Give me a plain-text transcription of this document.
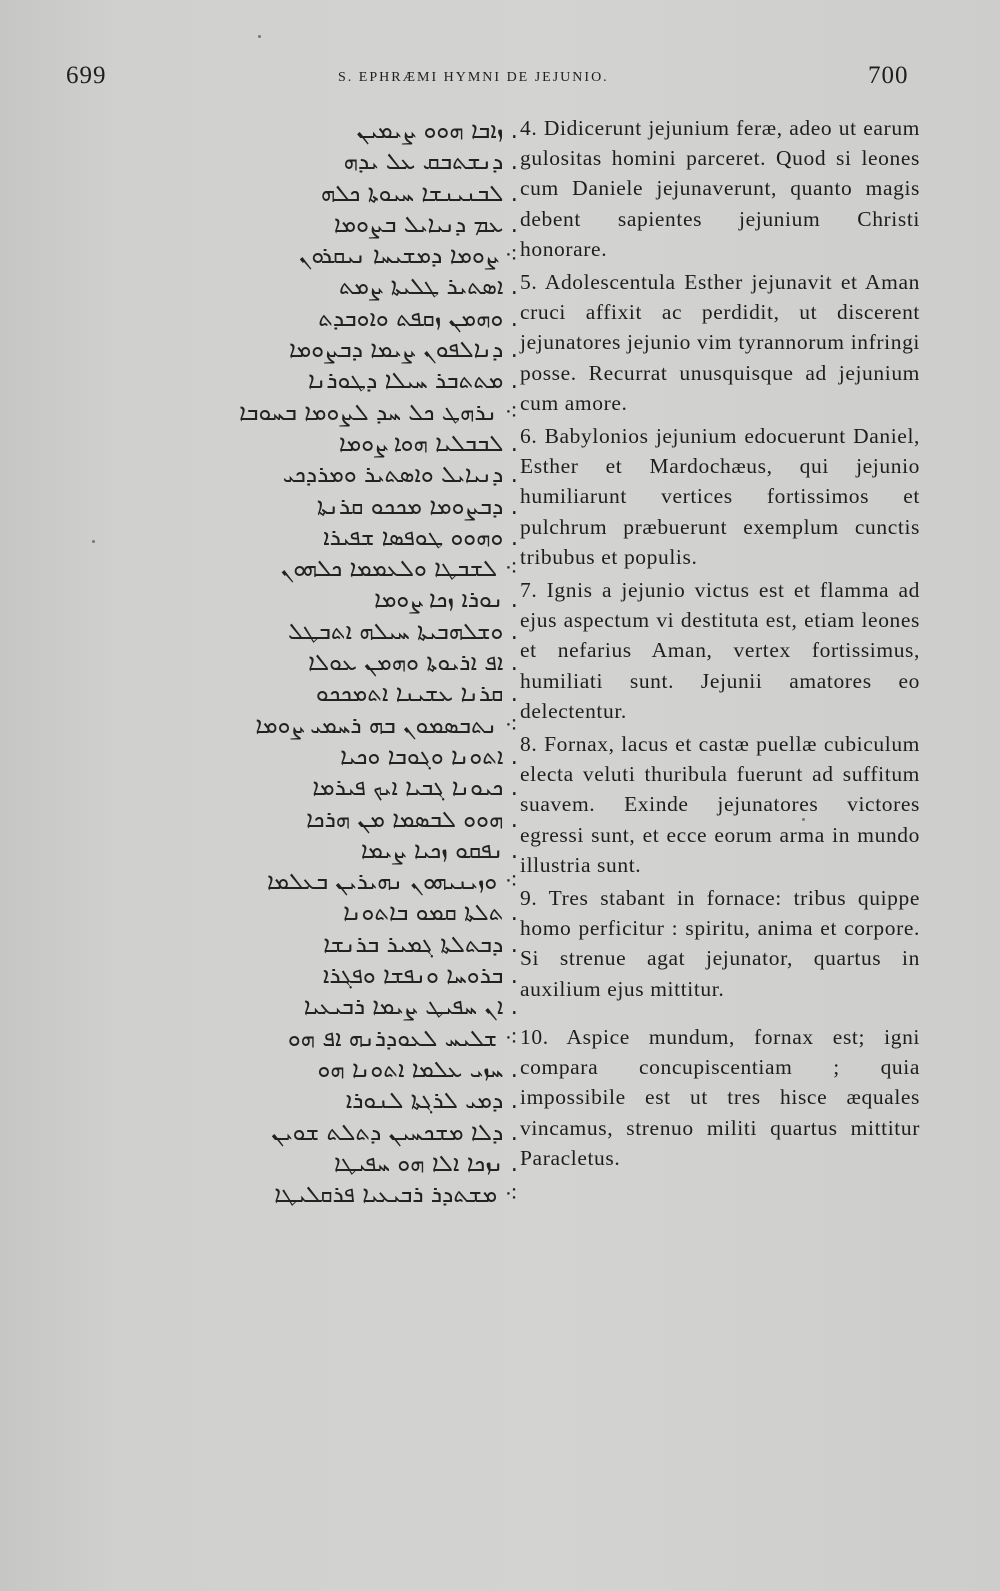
699	S. EPHRÆMI HYMNI DE JEJUNIO.	700
. ܙܐܒܐ ܗܘܘ ܨܝܡܝܢ
. ܕܢܫܬܒܩ ܥܠ ܝܕܗ
. ܠܒܢܝܢܫܐ ܚܝܘܬܐ ܟܠܗ
. ܥܡ ܕܢܝܐܝܠ ܒܨܘܡܐ
⁖ ܨܘܡܐ ܕܡܫܝܚܐ ܢܝܩܪܘܢ
. ܐܣܬܝܪ ܛܠܝܬܐ ܨܡܬ
. ܘܗܡܢ ܙܩܦܬ ܘܐܘܒܕܬ
. ܕܢܐܠܦܘܢ ܨܝܡܐ ܕܒܨܘܡܐ
. ܡܬܬܒܪ ܚܝܠܐ ܕܛܘܪܢܐ
⁖ ܢܪܗܛ ܟܠ ܚܕ ܠܨܘܡܐ ܒܚܘܒܐ
. ܠܒܒܠܝܐ ܗܘܐ ܨܘܡܐ
. ܕܢܝܐܝܠ ܘܐܣܬܝܪ ܘܡܪܕܟܝ
. ܕܒܨܘܡܐ ܡܟܟܘ ܩܪܢܬܐ
. ܘܗܘܘ ܛܘܦܣܐ ܫܦܝܪܐ
⁖ ܠܫܒܛܐ ܘܠܥܡܡܐ ܟܠܗܘܢ
. ܢܘܪܐ ܙܟܐ ܨܘܡܐ
. ܘܫܠܗܒܝܬܐ ܚܝܠܗ ܐܬܒܛܠ
. ܐܦ ܐܪܝܘܬܐ ܘܗܡܢ ܥܘܠܐ
. ܩܪܢܐ ܥܫܝܢܐ ܐܬܡܟܟܘ
⁖ ܢܬܒܣܡܘܢ ܒܗ ܪܚܡܝ ܨܘܡܐ
. ܐܬܘܢܐ ܘܓܘܒܐ ܘܟܝܐ
. ܟܝܘܢܐ ܓܒܝܐ ܐܝܟ ܦܝܪܡܐ
. ܗܘܘ ܠܒܣܡܐ ܡܢ ܗܪܟܐ
. ܢܦܩܘ ܙܟܝܐ ܨܝܡܐ
⁖ ܘܙܝܢܝܗܘܢ ܢܗܝܪܝܢ ܒܥܠܡܐ
. ܬܠܬܐ ܩܡܘ ܒܐܬܘܢܐ
. ܕܒܬܠܬܐ ܓܡܝܪ ܒܪܢܫܐ
. ܒܪܘܚܐ ܘܢܦܫܐ ܘܦܓܪܐ
. ܐܢ ܚܦܝܛ ܨܝܡܐ ܪܒܝܥܝܐ
⁖ ܫܠܝܚ ܠܥܘܕܪܢܗ ܐܦ ܗܘ
. ܚܙܝ ܥܠܡܐ ܐܬܘܢܐ ܗܘ
. ܕܡܝ ܠܪܓܬܐ ܠܢܘܪܐ
. ܕܠܐ ܡܫܟܚܝܢ ܕܬܠܬ ܫܘܝܢ
. ܢܙܟܐ ܐܠܐ ܗܘ ܚܦܝܛܐ
⁖ ܡܫܬܕܪ ܪܒܝܥܝܐ ܦܪܩܠܝܛܐ

4. Didicerunt jejunium feræ, adeo ut earum gulositas homini parceret. Quod si leones cum Daniele jejunaverunt, quanto magis debent sapientes jejunium Christi honorare.

5. Adolescentula Esther jejunavit et Aman cruci affixit ac perdidit, ut discerent jejunatores jejunio vim tyrannorum infringi posse. Recurrat unusquisque ad jejunium cum amore.

6. Babylonios jejunium edocuerunt Daniel, Esther et Mardochæus, qui jejunio humiliarunt vertices fortissimos et pulchrum præbuerunt exemplum cunctis tribubus et populis.

7. Ignis a jejunio victus est et flamma ad ejus aspectum vi destituta est, etiam leones et nefarius Aman, vertex fortissimus, humiliati sunt. Jejunii amatores eo delectentur.

8. Fornax, lacus et castæ puellæ cubiculum electa veluti thuribula fuerunt ad suffitum suavem. Exinde jejunatores victores egressi sunt, et ecce eorum arma in mundo illustria sunt.

9. Tres stabant in fornace: tribus quippe homo perficitur : spiritu, anima et corpore. Si strenue agat jejunator, quartus in auxilium ejus mittitur.

10. Aspice mundum, fornax est; igni compara concupiscentiam ; quia impossibile est ut tres hisce æquales vincamus, strenuo militi quartus mittitur Paracletus.
